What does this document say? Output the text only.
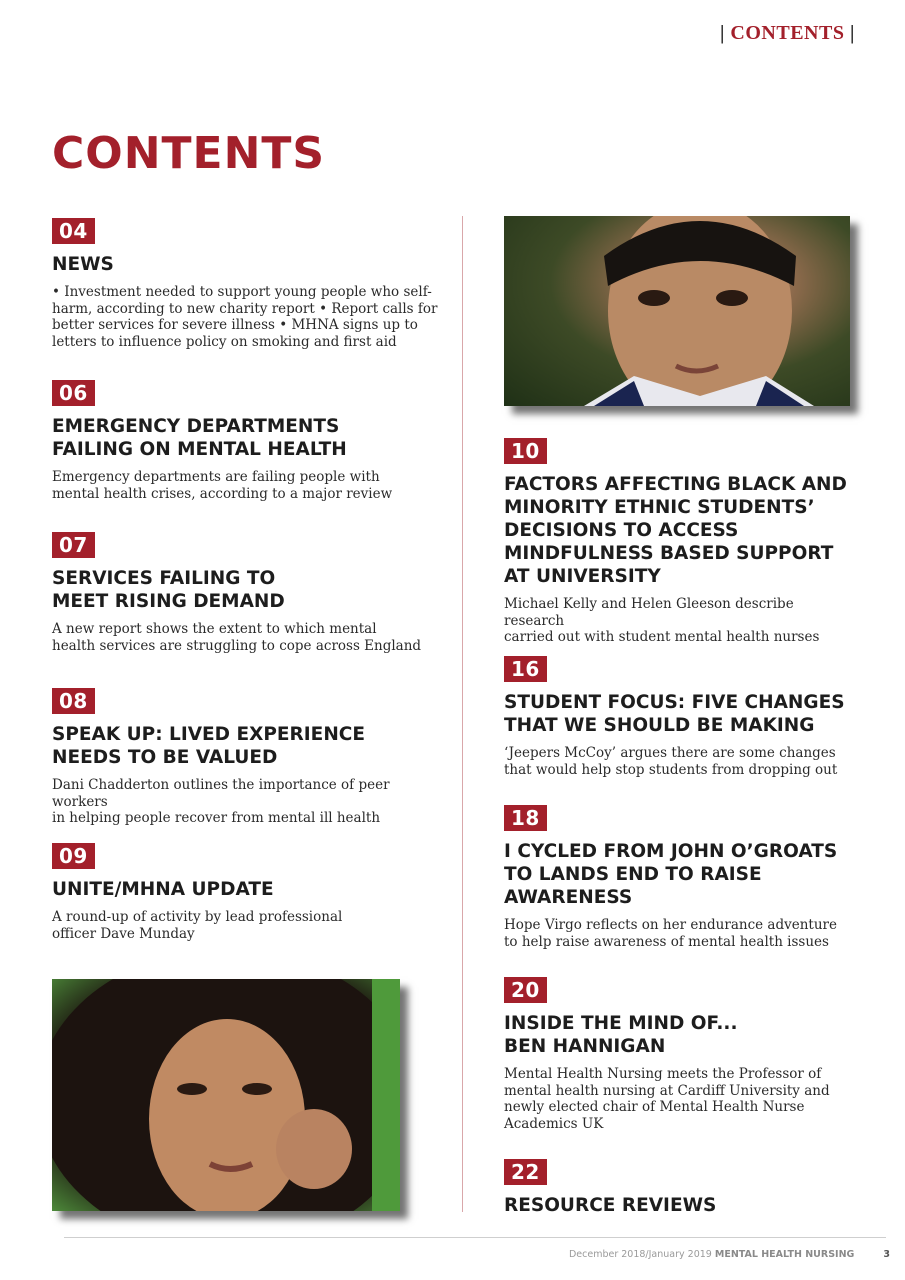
| CONTENTS |
CONTENTS
04
NEWS
• Investment needed to support young people who self-harm, according to new charity report • Report calls for better services for severe illness • MHNA signs up to letters to influence policy on smoking and first aid
06
EMERGENCY DEPARTMENTS
FAILING ON MENTAL HEALTH
Emergency departments are failing people with
mental health crises, according to a major review
07
SERVICES FAILING TO
MEET RISING DEMAND
A new report shows the extent to which mental
health services are struggling to cope across England
08
SPEAK UP: LIVED EXPERIENCE
NEEDS TO BE VALUED
Dani Chadderton outlines the importance of peer workers
in helping people recover from mental ill health
09
UNITE/MHNA UPDATE
A round-up of activity by lead professional
officer Dave Munday
10
FACTORS AFFECTING BLACK AND
MINORITY ETHNIC STUDENTS’
DECISIONS TO ACCESS
MINDFULNESS BASED SUPPORT
AT UNIVERSITY
Michael Kelly and Helen Gleeson describe research
carried out with student mental health nurses
16
STUDENT FOCUS: FIVE CHANGES
THAT WE SHOULD BE MAKING
‘Jeepers McCoy’ argues there are some changes
that would help stop students from dropping out
18
I CYCLED FROM JOHN O’GROATS
TO LANDS END TO RAISE
AWARENESS
Hope Virgo reflects on her endurance adventure
to help raise awareness of mental health issues
20
INSIDE THE MIND OF...
BEN HANNIGAN
Mental Health Nursing meets the Professor of
mental health nursing at Cardiff University and
newly elected chair of Mental Health Nurse
Academics UK
22
RESOURCE REVIEWS
December 2018/January 2019 MENTAL HEALTH NURSING	3
